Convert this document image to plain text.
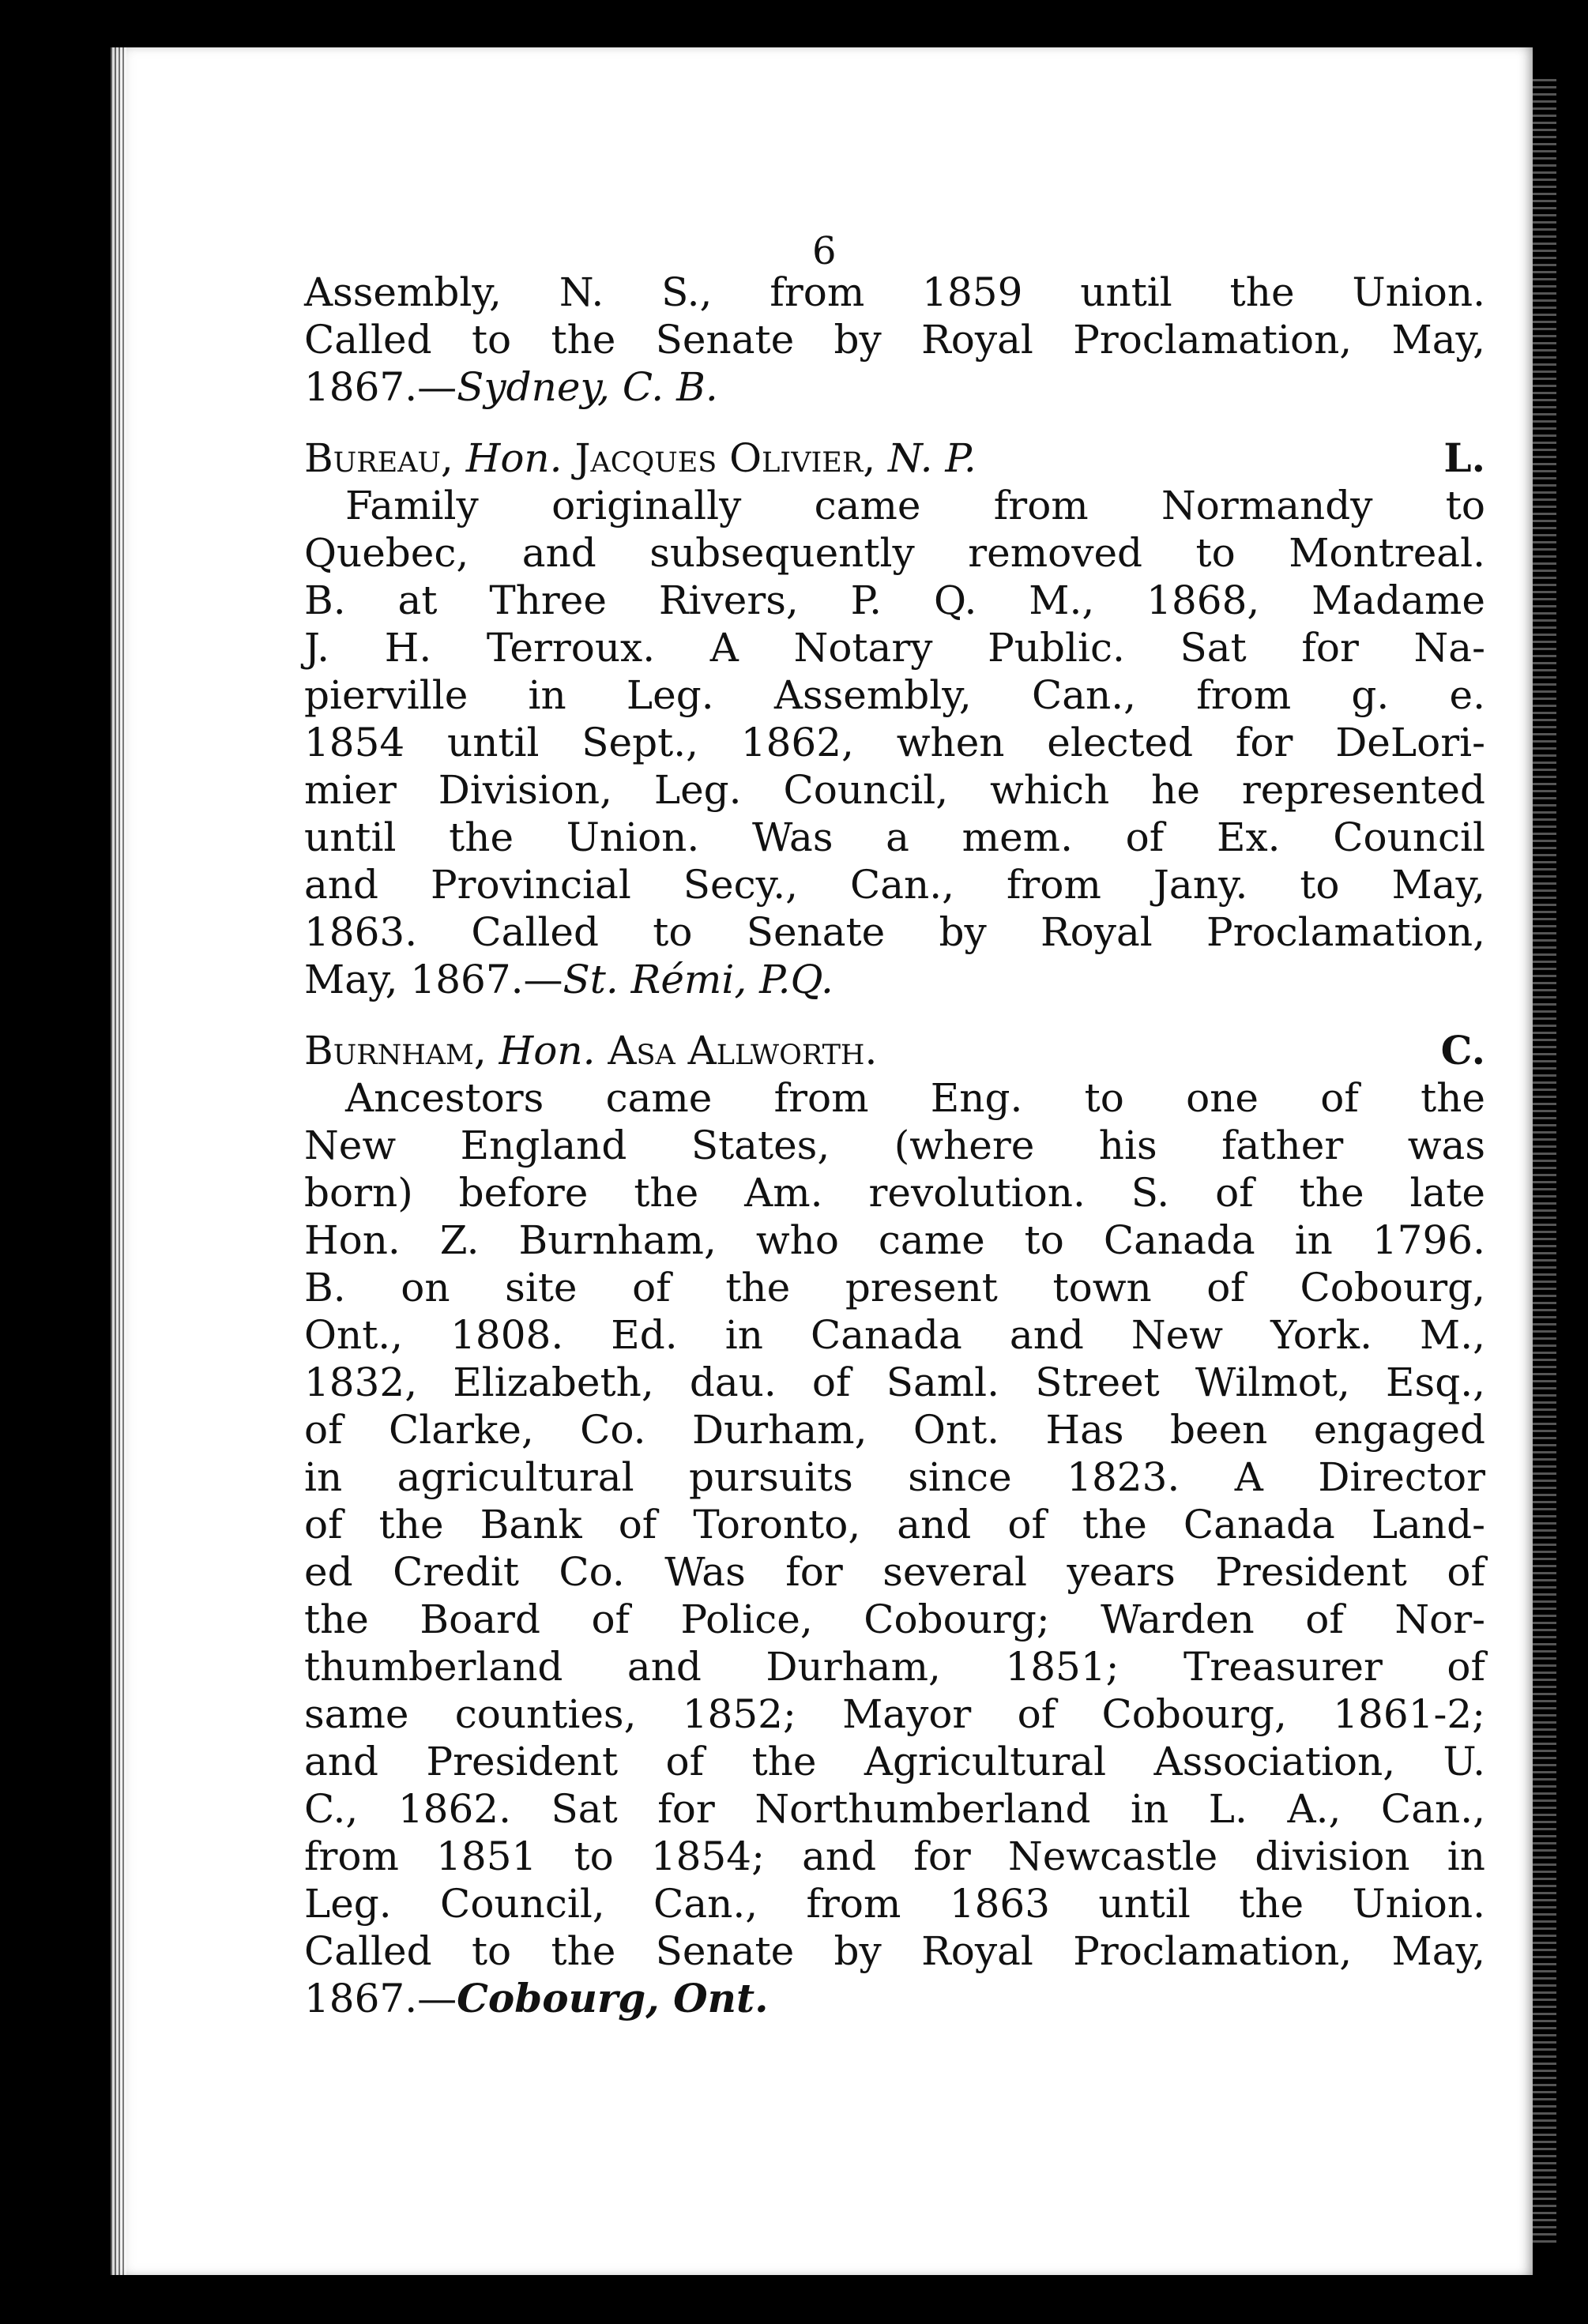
6
Assembly, N. S., from 1859 until the Union.
Called to the Senate by Royal Proclamation, May,
1867.—Sydney, C. B.
Bureau, Hon. Jacques Olivier, N. P.	L.
Family originally came from Normandy to
Quebec, and subsequently removed to Montreal.
B. at Three Rivers, P. Q. M., 1868, Madame
J. H. Terroux. A Notary Public. Sat for Na-
pierville in Leg. Assembly, Can., from g. e.
1854 until Sept., 1862, when elected for DeLori-
mier Division, Leg. Council, which he represented
until the Union. Was a mem. of Ex. Council
and Provincial Secy., Can., from Jany. to May,
1863. Called to Senate by Royal Proclamation,
May, 1867.—St. Rémi, P.Q.
Burnham, Hon. Asa Allworth.	C.
Ancestors came from Eng. to one of the
New England States, (where his father was
born) before the Am. revolution. S. of the late
Hon. Z. Burnham, who came to Canada in 1796.
B. on site of the present town of Cobourg,
Ont., 1808. Ed. in Canada and New York. M.,
1832, Elizabeth, dau. of Saml. Street Wilmot, Esq.,
of Clarke, Co. Durham, Ont. Has been engaged
in agricultural pursuits since 1823. A Director
of the Bank of Toronto, and of the Canada Land-
ed Credit Co. Was for several years President of
the Board of Police, Cobourg; Warden of Nor-
thumberland and Durham, 1851; Treasurer of
same counties, 1852; Mayor of Cobourg, 1861-2;
and President of the Agricultural Association, U.
C., 1862. Sat for Northumberland in L. A., Can.,
from 1851 to 1854; and for Newcastle division in
Leg. Council, Can., from 1863 until the Union.
Called to the Senate by Royal Proclamation, May,
1867.—Cobourg, Ont.
